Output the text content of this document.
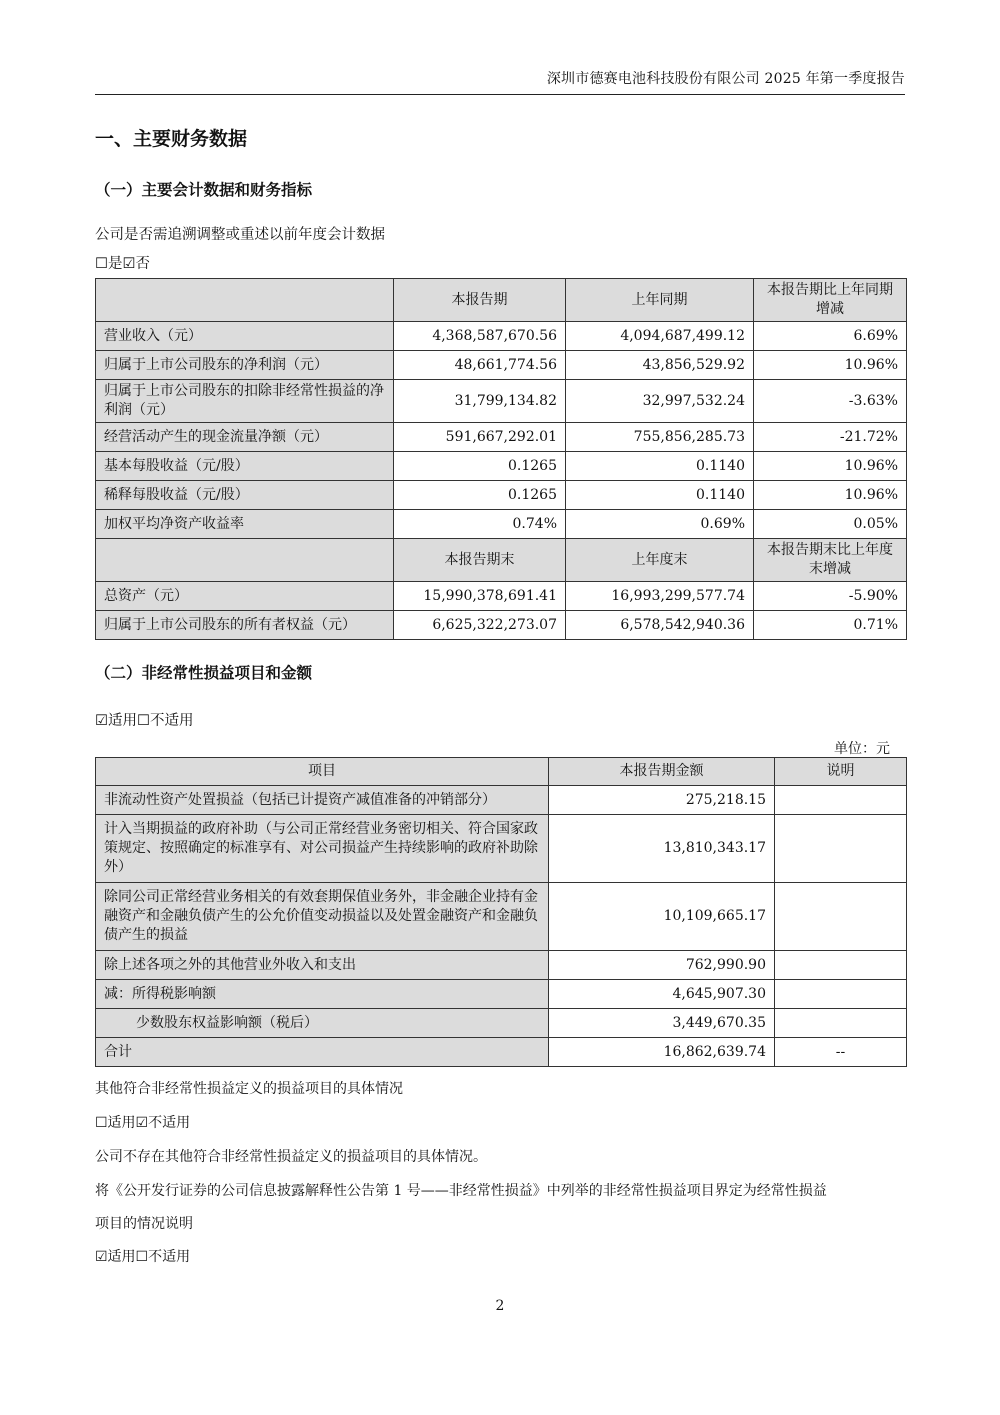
深圳市德赛电池科技股份有限公司 2025 年第一季度报告
一、主要财务数据
（一）主要会计数据和财务指标
公司是否需追溯调整或重述以前年度会计数据
☐是☑否
	本报告期	上年同期	本报告期比上年同期增减
营业收入（元）	4,368,587,670.56	4,094,687,499.12	6.69%
归属于上市公司股东的净利润（元）	48,661,774.56	43,856,529.92	10.96%
归属于上市公司股东的扣除非经常性损益的净利润（元）	31,799,134.82	32,997,532.24	-3.63%
经营活动产生的现金流量净额（元）	591,667,292.01	755,856,285.73	-21.72%
基本每股收益（元/股）	0.1265	0.1140	10.96%
稀释每股收益（元/股）	0.1265	0.1140	10.96%
加权平均净资产收益率	0.74%	0.69%	0.05%
	本报告期末	上年度末	本报告期末比上年度末增减
总资产（元）	15,990,378,691.41	16,993,299,577.74	-5.90%
归属于上市公司股东的所有者权益（元）	6,625,322,273.07	6,578,542,940.36	0.71%
（二）非经常性损益项目和金额
☑适用☐不适用
单位：元
项目	本报告期金额	说明
非流动性资产处置损益（包括已计提资产减值准备的冲销部分）	275,218.15	
计入当期损益的政府补助（与公司正常经营业务密切相关、符合国家政策规定、按照确定的标准享有、对公司损益产生持续影响的政府补助除外）	13,810,343.17	
除同公司正常经营业务相关的有效套期保值业务外，非金融企业持有金融资产和金融负债产生的公允价值变动损益以及处置金融资产和金融负债产生的损益	10,109,665.17	
除上述各项之外的其他营业外收入和支出	762,990.90	
减：所得税影响额	4,645,907.30	
少数股东权益影响额（税后）	3,449,670.35	
合计	16,862,639.74	--
其他符合非经常性损益定义的损益项目的具体情况
☐适用☑不适用
公司不存在其他符合非经常性损益定义的损益项目的具体情况。
将《公开发行证券的公司信息披露解释性公告第 1 号——非经常性损益》中列举的非经常性损益项目界定为经常性损益
项目的情况说明
☑适用☐不适用
2
